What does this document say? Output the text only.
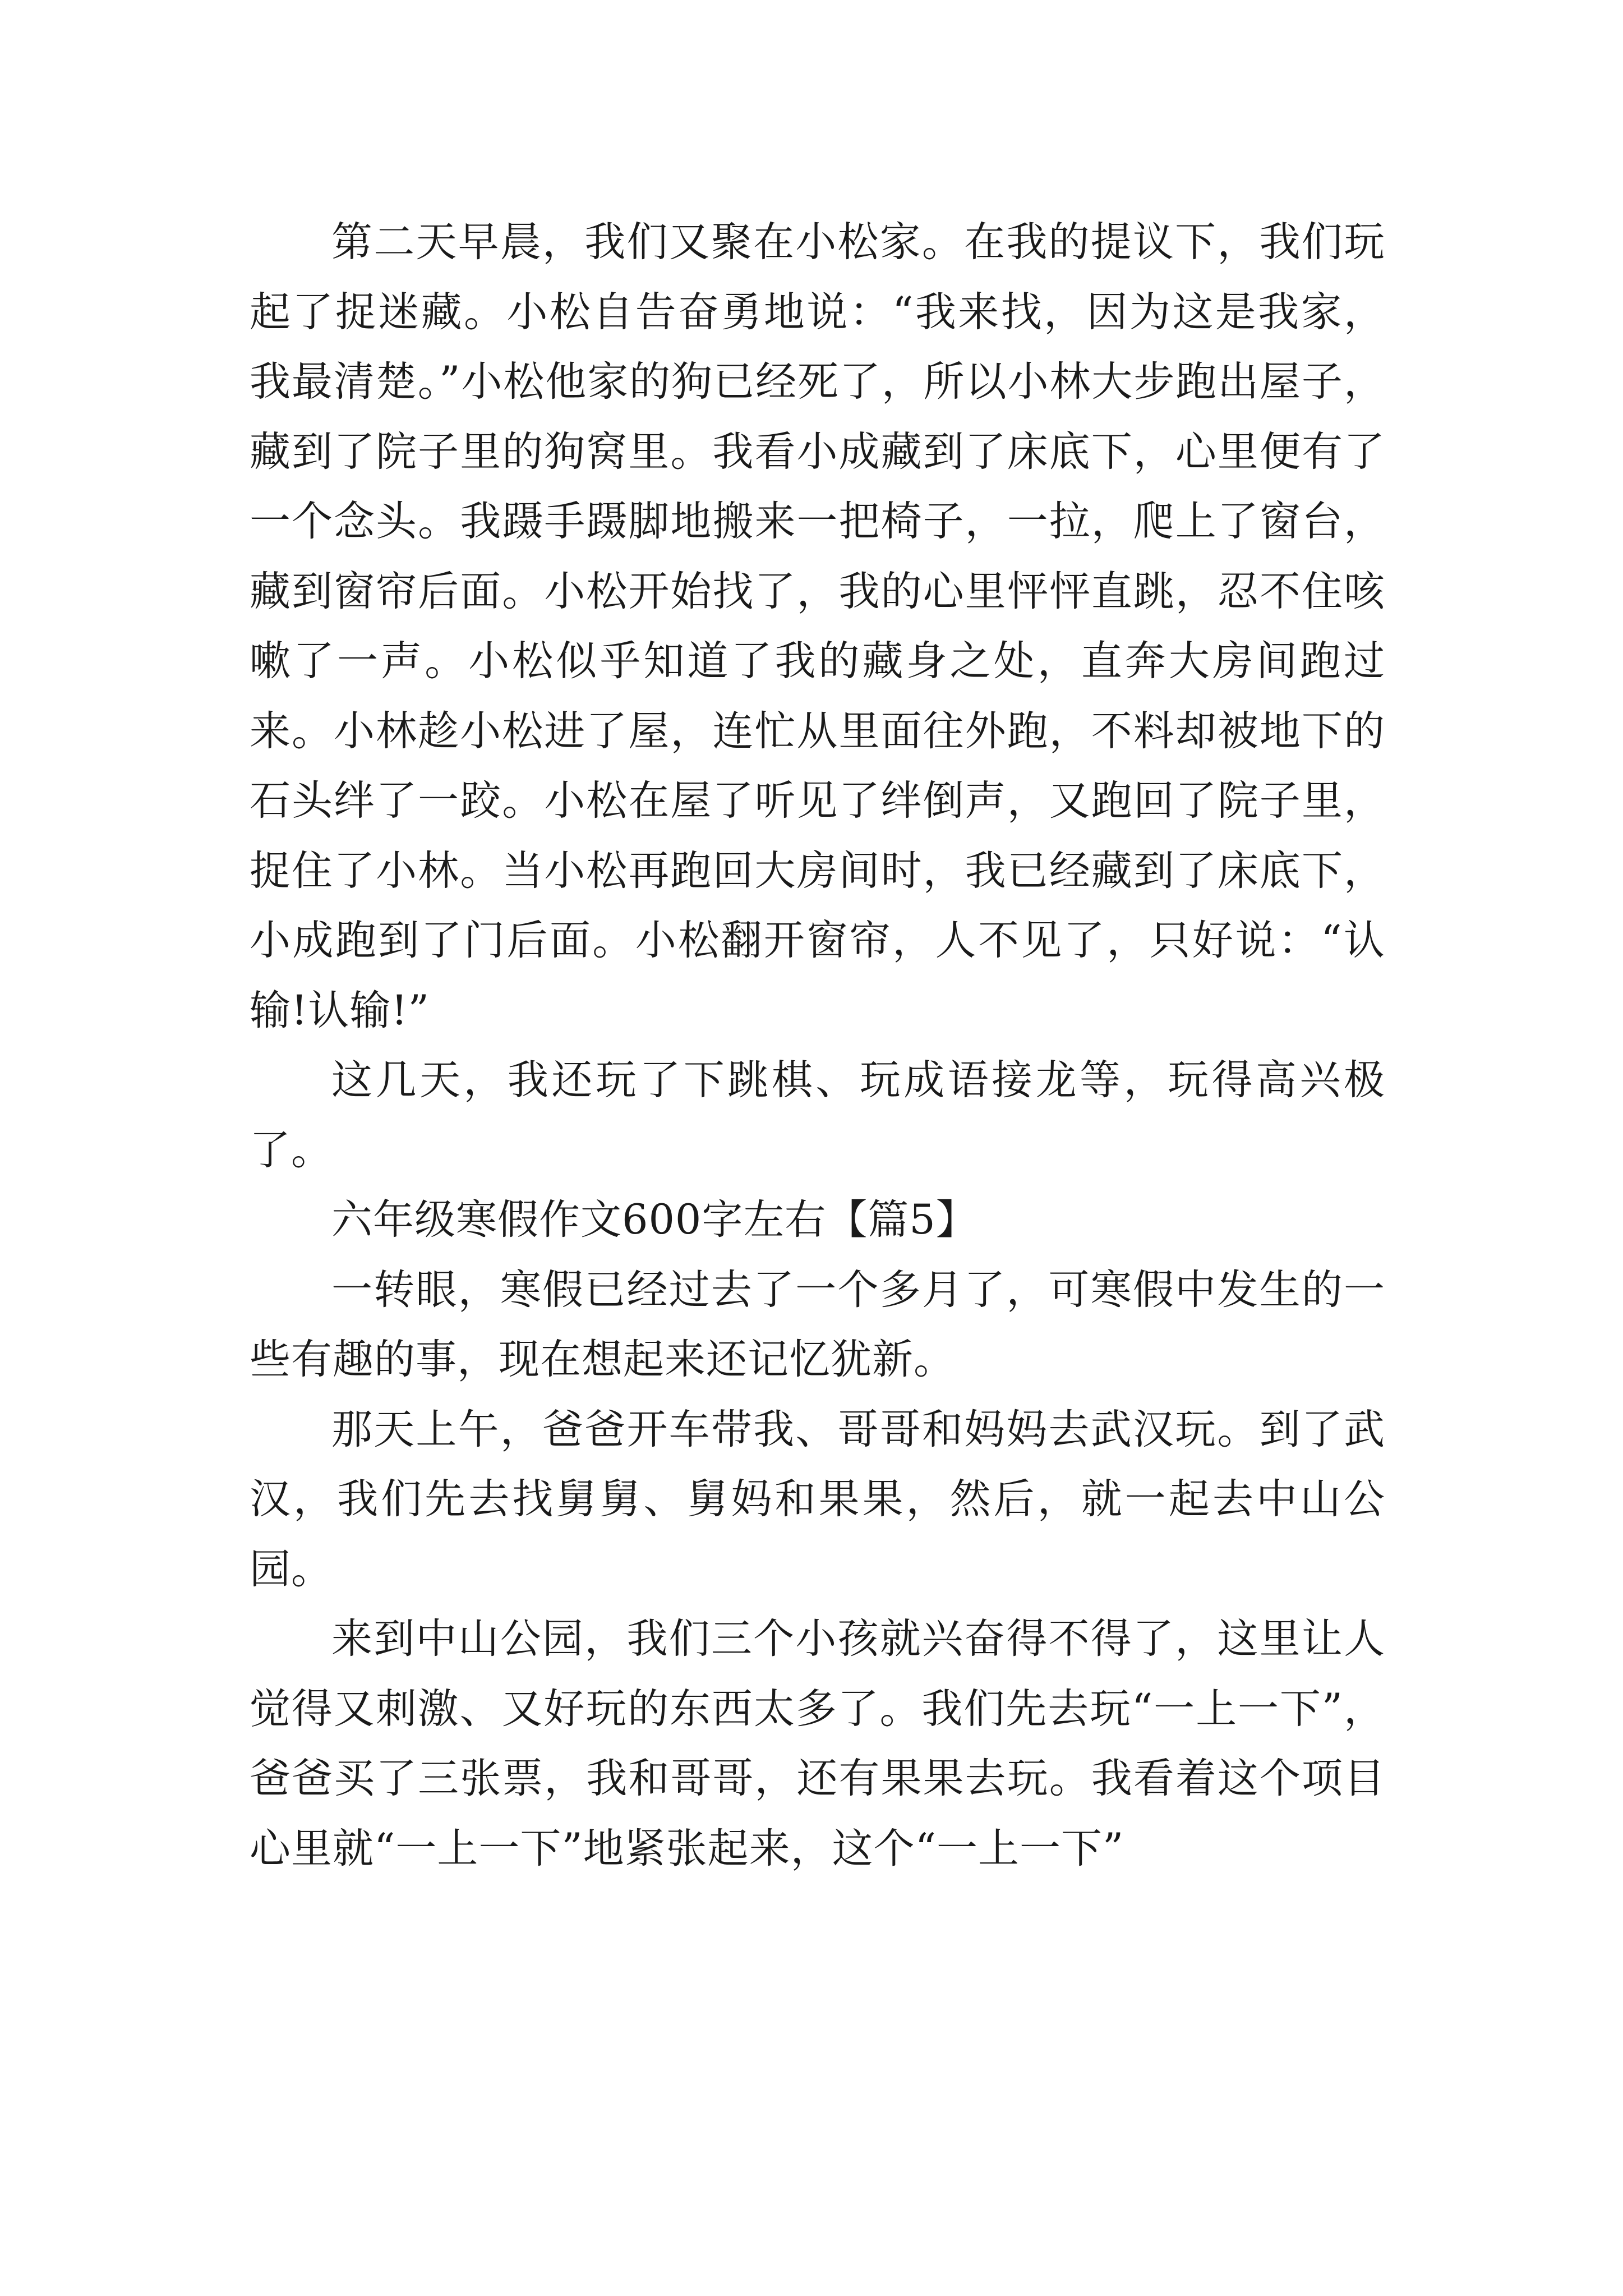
第二天早晨，我们又聚在小松家。在我的提议下，我们玩起了捉迷藏。小松自告奋勇地说：“我来找，因为这是我家，我最清楚。”小松他家的狗已经死了，所以小林大步跑出屋子，藏到了院子里的狗窝里。我看小成藏到了床底下，心里便有了一个念头。我蹑手蹑脚地搬来一把椅子，一拉，爬上了窗台，藏到窗帘后面。小松开始找了，我的心里怦怦直跳，忍不住咳嗽了一声。小松似乎知道了我的藏身之处，直奔大房间跑过来。小林趁小松进了屋，连忙从里面往外跑，不料却被地下的石头绊了一跤。小松在屋了听见了绊倒声，又跑回了院子里，捉住了小林。当小松再跑回大房间时，我已经藏到了床底下，小成跑到了门后面。小松翻开窗帘，人不见了，只好说：“认输!认输!”

这几天，我还玩了下跳棋、玩成语接龙等，玩得高兴极了。

六年级寒假作文600字左右【篇5】

一转眼，寒假已经过去了一个多月了，可寒假中发生的一些有趣的事，现在想起来还记忆犹新。

那天上午，爸爸开车带我、哥哥和妈妈去武汉玩。到了武汉，我们先去找舅舅、舅妈和果果，然后，就一起去中山公园。

来到中山公园，我们三个小孩就兴奋得不得了，这里让人觉得又刺激、又好玩的东西太多了。我们先去玩“一上一下”，爸爸买了三张票，我和哥哥，还有果果去玩。我看着这个项目心里就“一上一下”地紧张起来，这个“一上一下”
